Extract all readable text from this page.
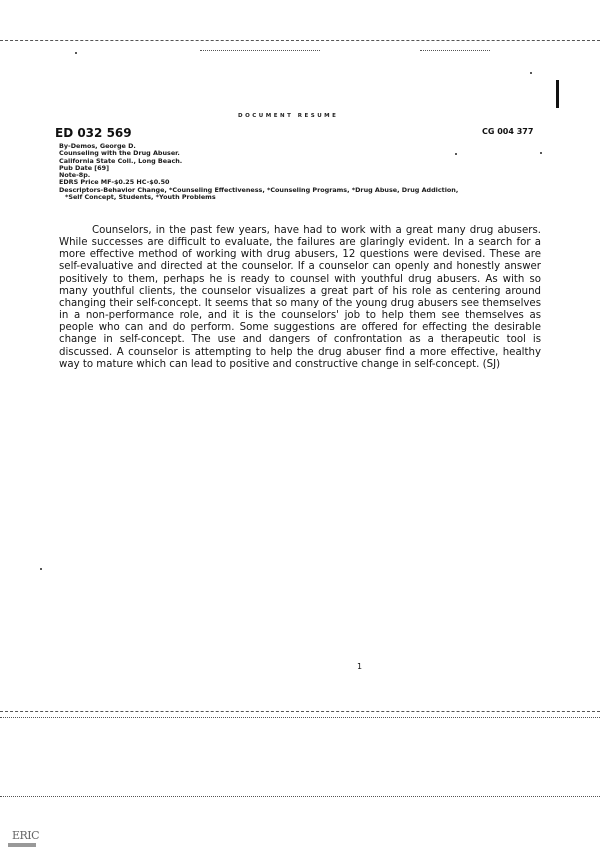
DOCUMENT RESUME
ED 032 569	CG 004 377
By-Demos, George D.
Counseling with the Drug Abuser.
California State Coll., Long Beach.
Pub Date [69]
Note-8p.
EDRS Price MF-$0.25 HC-$0.50
Descriptors-Behavior Change, *Counseling Effectiveness, *Counseling Programs, *Drug Abuse, Drug Addiction,
*Self Concept, Students, *Youth Problems
Counselors, in the past few years, have had to work with a great many drug abusers. While successes are difficult to evaluate, the failures are glaringly evident. In a search for a more effective method of working with drug abusers, 12 questions were devised. These are self-evaluative and directed at the counselor. If a counselor can openly and honestly answer positively to them, perhaps he is ready to counsel with youthful drug abusers. As with so many youthful clients, the counselor visualizes a great part of his role as centering around changing their self-concept. It seems that so many of the young drug abusers see themselves in a non-performance role, and it is the counselors' job to help them see themselves as people who can and do perform. Some suggestions are offered for effecting the desirable change in self-concept. The use and dangers of confrontation as a therapeutic tool is discussed. A counselor is attempting to help the drug abuser find a more effective, healthy way to mature which can lead to positive and constructive change in self-concept. (SJ)
1
ERIC
